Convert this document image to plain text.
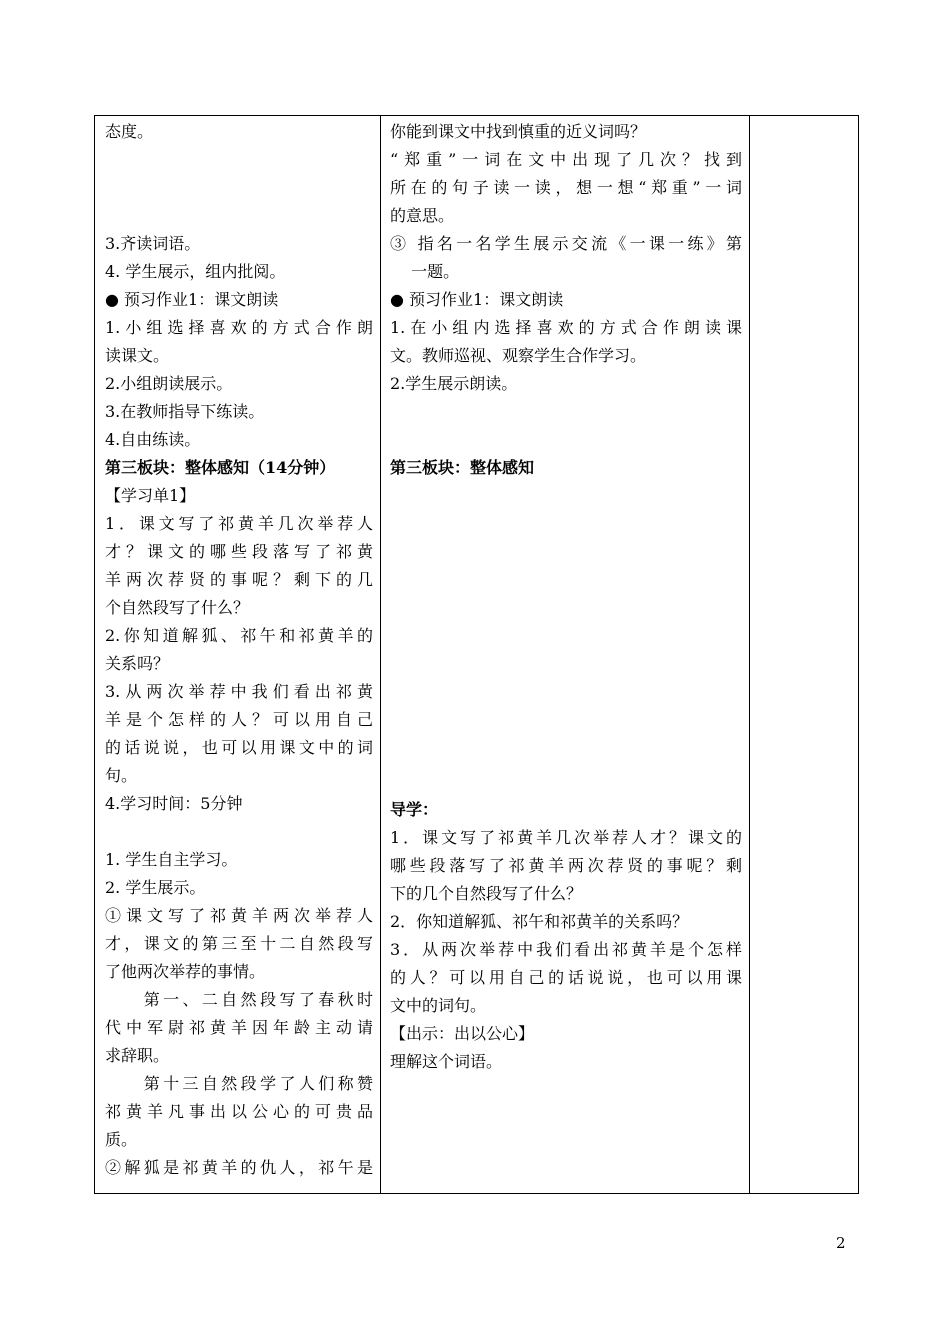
态度。
3.齐读词语。
4. 学生展示，组内批阅。
● 预习作业1：课文朗读
1.小组选择喜欢的方式合作朗
读课文。
2.小组朗读展示。
3.在教师指导下练读。
4.自由练读。
第三板块：整体感知（14分钟）
【学习单1】
1．课文写了祁黄羊几次举荐人
才？课文的哪些段落写了祁黄
羊两次荐贤的事呢？剩下的几
个自然段写了什么？
2.你知道解狐、祁午和祁黄羊的
关系吗？
3.从两次举荐中我们看出祁黄
羊是个怎样的人？可以用自己
的话说说，也可以用课文中的词
句。
4.学习时间：5分钟
1. 学生自主学习。
2. 学生展示。
①课文写了祁黄羊两次举荐人
才，课文的第三至十二自然段写
了他两次举荐的事情。
　　第一、二自然段写了春秋时
代中军尉祁黄羊因年龄主动请
求辞职。
　　第十三自然段学了人们称赞
祁黄羊凡事出以公心的可贵品
质。
②解狐是祁黄羊的仇人，祁午是
你能到课文中找到慎重的近义词吗？
“郑重”一词在文中出现了几次？找到
所在的句子读一读，想一想“郑重”一词
的意思。
③ 指名一名学生展示交流《一课一练》第
　 一题。
● 预习作业1：课文朗读
1.在小组内选择喜欢的方式合作朗读课
文。教师巡视、观察学生合作学习。
2.学生展示朗读。
第三板块：整体感知
导学：
1．课文写了祁黄羊几次举荐人才？课文的
哪些段落写了祁黄羊两次荐贤的事呢？剩
下的几个自然段写了什么？
2．你知道解狐、祁午和祁黄羊的关系吗？
3．从两次举荐中我们看出祁黄羊是个怎样
的人？可以用自己的话说说，也可以用课
文中的词句。
【出示：出以公心】
理解这个词语。
2
